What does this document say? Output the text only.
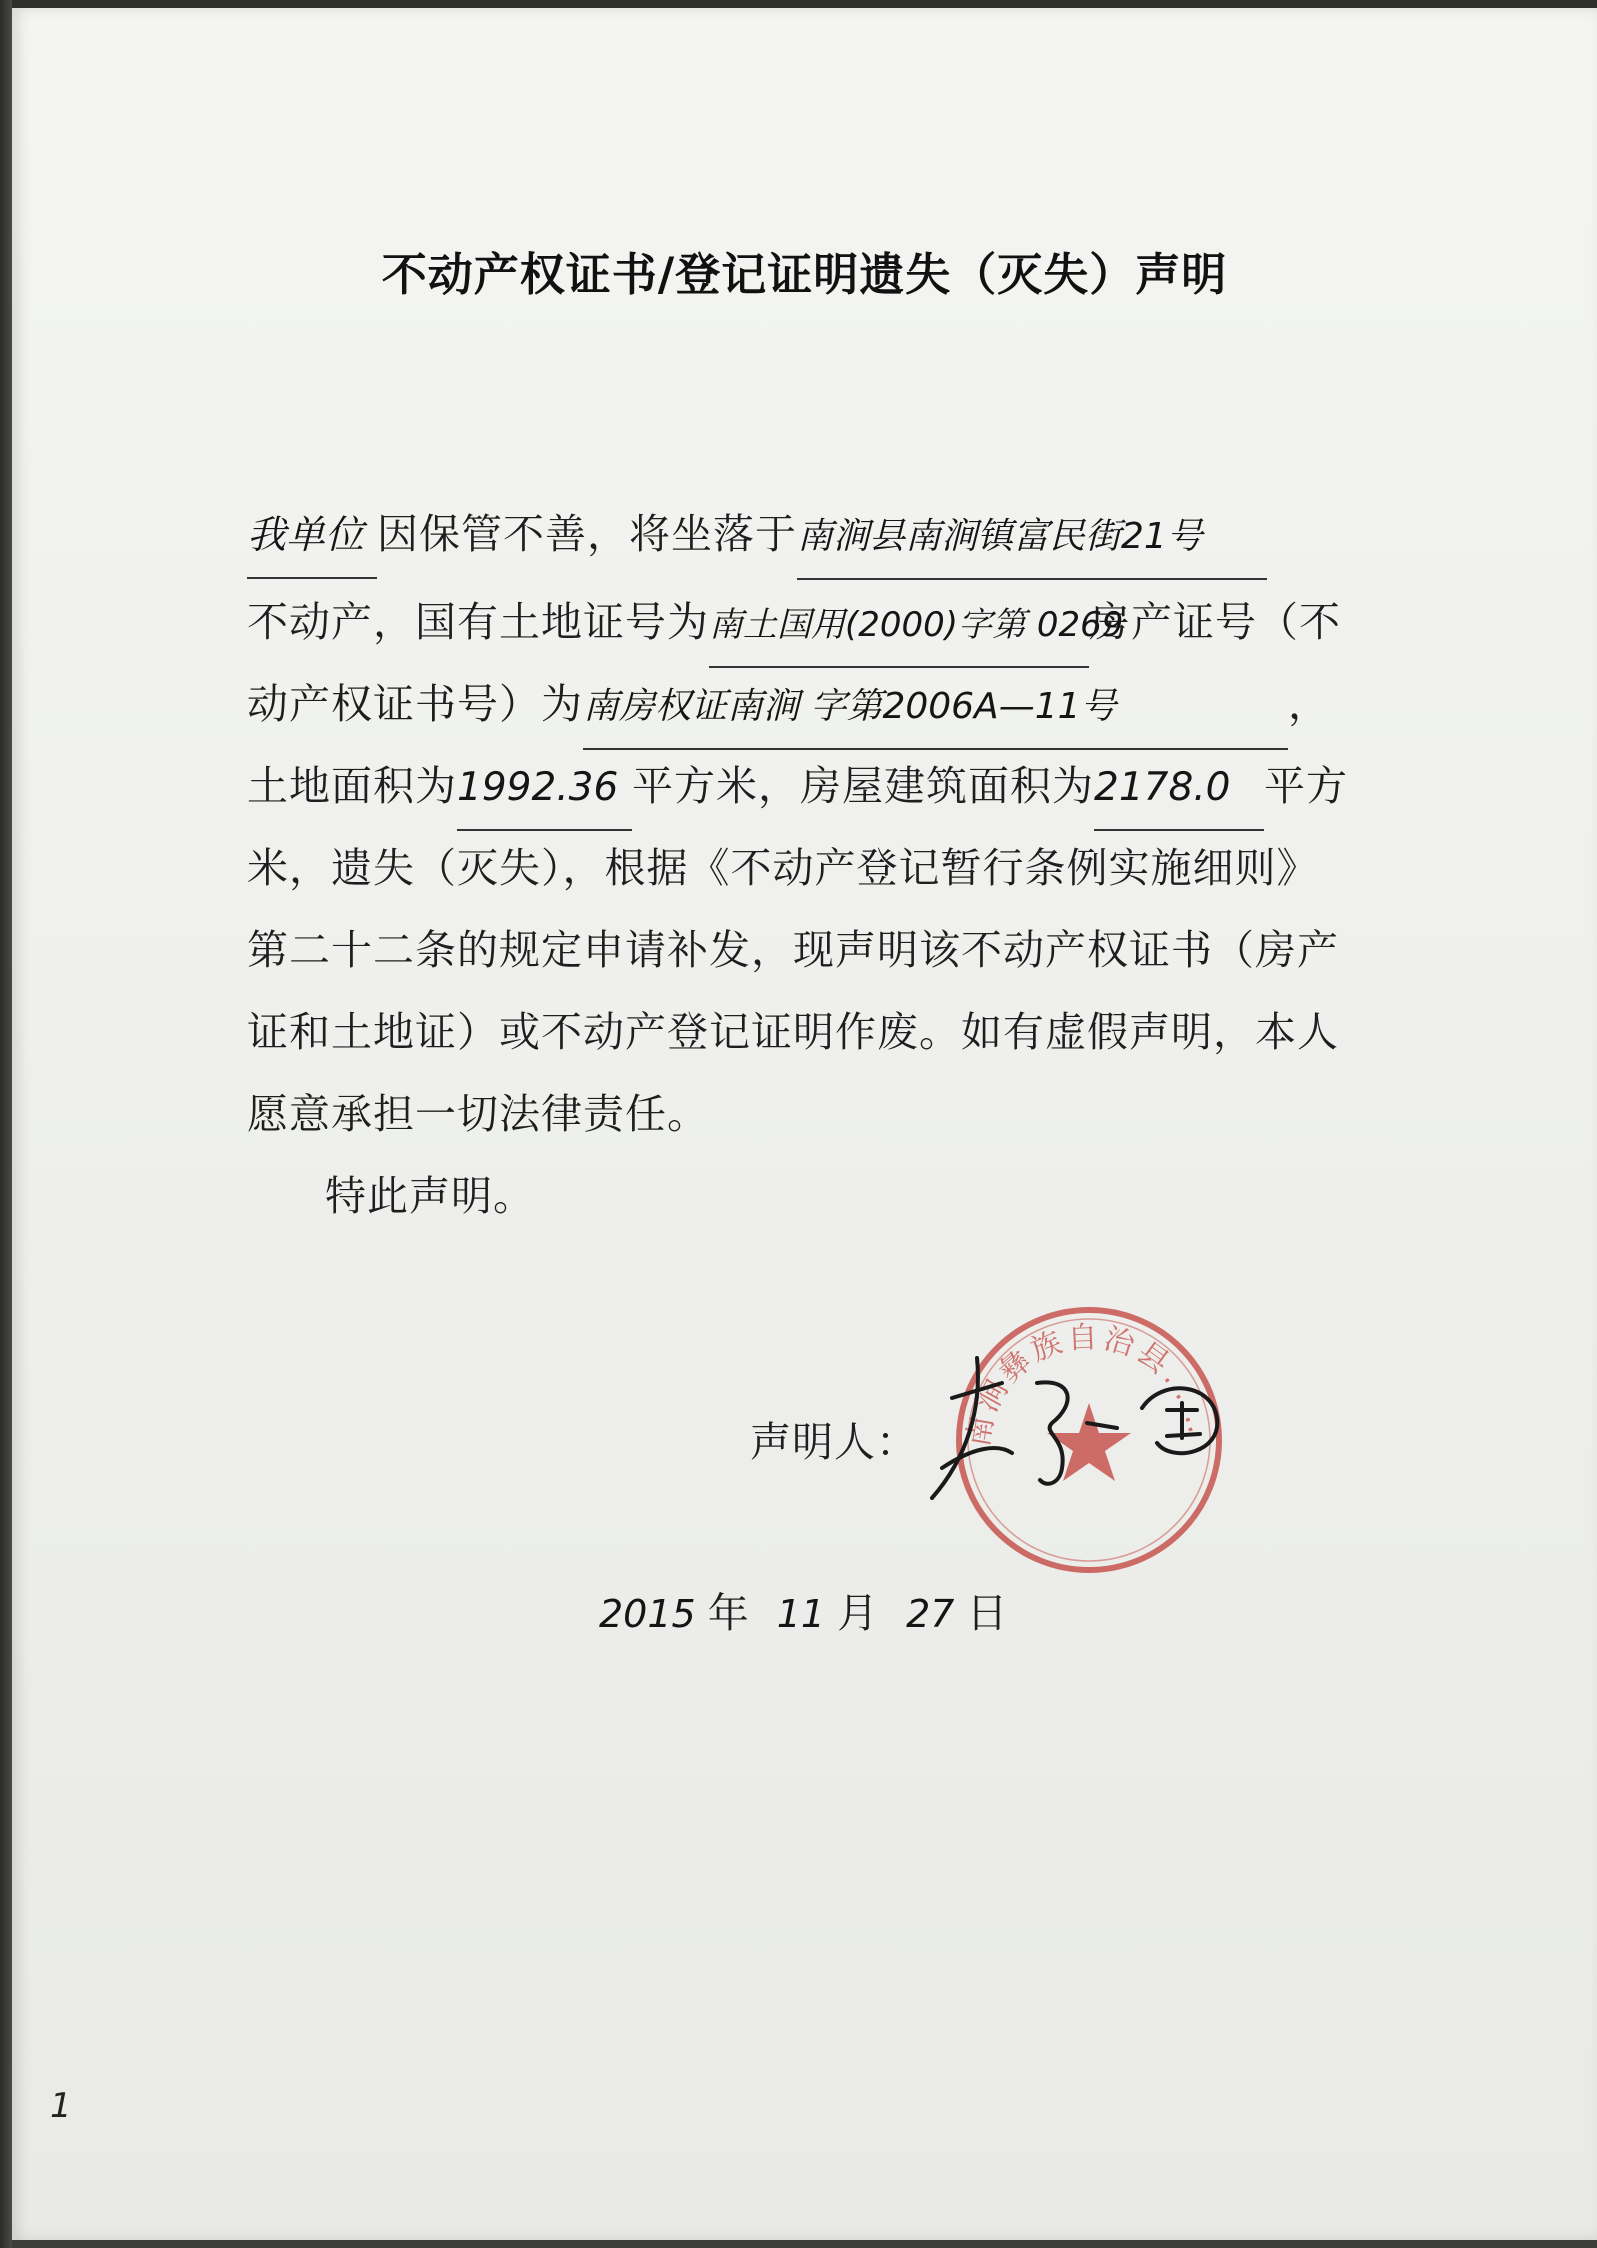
不动产权证书/登记证明遗失（灭失）声明
我单位 因保管不善，将坐落于南涧县南涧镇富民街21号
不动产，国有土地证号为南土国用(2000)字第 0269房产证号（不
动产权证书号）为南房权证南涧 字第2006A—11号	，
土地面积为1992.36 平方米，房屋建筑面积为2178.0 平方
米，遗失（灭失），根据《不动产登记暂行条例实施细则》
第二十二条的规定申请补发，现声明该不动产权证书（房产
证和土地证）或不动产登记证明作废。如有虚假声明，本人
愿意承担一切法律责任。
特此声明。
声明人： 南涧彝族自治县……
2015 年 11 月 27 日
1
